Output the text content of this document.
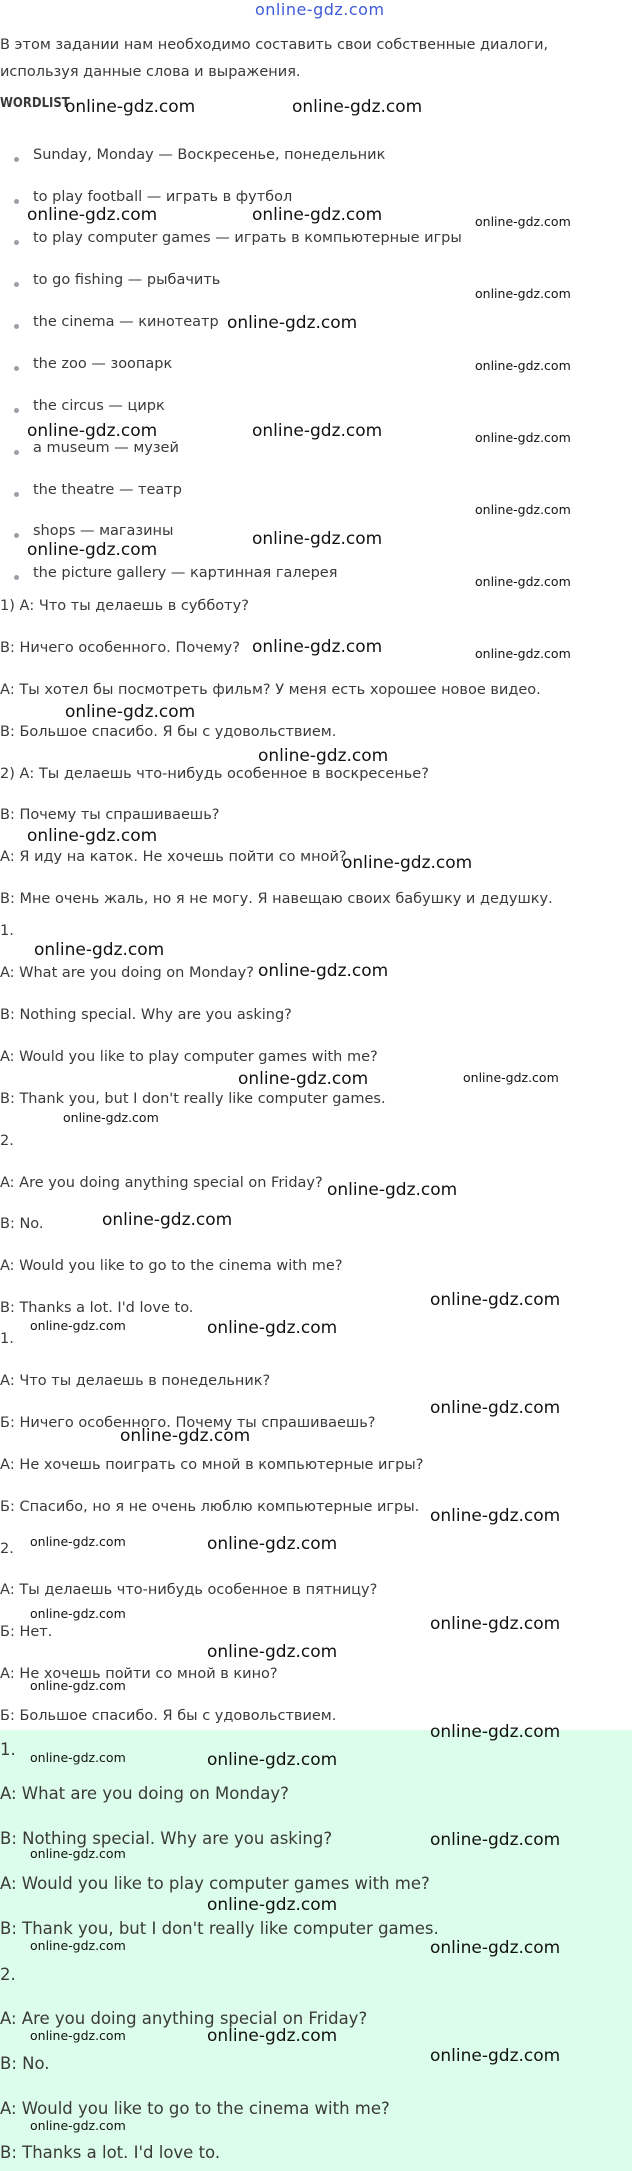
online-gdz.com
В этом задании нам необходимо составить свои собственные диалоги, используя данные слова и выражения.
WORDLIST
Sunday, Monday — Воскресенье, понедельник
to play football — играть в футбол
to play computer games — играть в компьютерные игры
to go fishing — рыбачить
the cinema — кинотеатр
the zoo — зоопарк
the circus — цирк
a museum — музей
the theatre — театр
shops — магазины
the picture gallery — картинная галерея
1) А: Что ты делаешь в субботу?
В: Ничего особенного. Почему?
А: Ты хотел бы посмотреть фильм? У меня есть хорошее новое видео.
В: Большое спасибо. Я бы с удовольствием.
2) А: Ты делаешь что-нибудь особенное в воскресенье?
В: Почему ты спрашиваешь?
А: Я иду на каток. Не хочешь пойти со мной?
В: Мне очень жаль, но я не могу. Я навещаю своих бабушку и дедушку.
1.
A: What are you doing on Monday?
B: Nothing special. Why are you asking?
A: Would you like to play computer games with me?
B: Thank you, but I don't really like computer games.
2.
A: Are you doing anything special on Friday?
B: No.
A: Would you like to go to the cinema with me?
B: Thanks a lot. I'd love to.
1.
А: Что ты делаешь в понедельник?
Б: Ничего особенного. Почему ты спрашиваешь?
А: Не хочешь поиграть со мной в компьютерные игры?
Б: Спасибо, но я не очень люблю компьютерные игры.
2.
А: Ты делаешь что-нибудь особенное в пятницу?
Б: Нет.
А: Не хочешь пойти со мной в кино?
Б: Большое спасибо. Я бы с удовольствием.
1.
A: What are you doing on Monday?
B: Nothing special. Why are you asking?
A: Would you like to play computer games with me?
B: Thank you, but I don't really like computer games.
2.
A: Are you doing anything special on Friday?
B: No.
A: Would you like to go to the cinema with me?
B: Thanks a lot. I'd love to.
online-gdz.com	online-gdz.com
online-gdz.com	online-gdz.com	online-gdz.com
online-gdz.com
online-gdz.com
online-gdz.com
online-gdz.com	online-gdz.com	online-gdz.com
online-gdz.com
online-gdz.com
online-gdz.com
online-gdz.com
online-gdz.com	online-gdz.com
online-gdz.com
online-gdz.com
online-gdz.com
online-gdz.com
online-gdz.com
online-gdz.com
online-gdz.com	online-gdz.com
online-gdz.com
online-gdz.com
online-gdz.com
online-gdz.com
online-gdz.com	online-gdz.com
online-gdz.com
online-gdz.com
online-gdz.com
online-gdz.com	online-gdz.com
online-gdz.com
online-gdz.com
online-gdz.com
online-gdz.com
online-gdz.com
online-gdz.com	online-gdz.com
online-gdz.com
online-gdz.com
online-gdz.com
online-gdz.com	online-gdz.com
online-gdz.com	online-gdz.com
online-gdz.com
online-gdz.com
